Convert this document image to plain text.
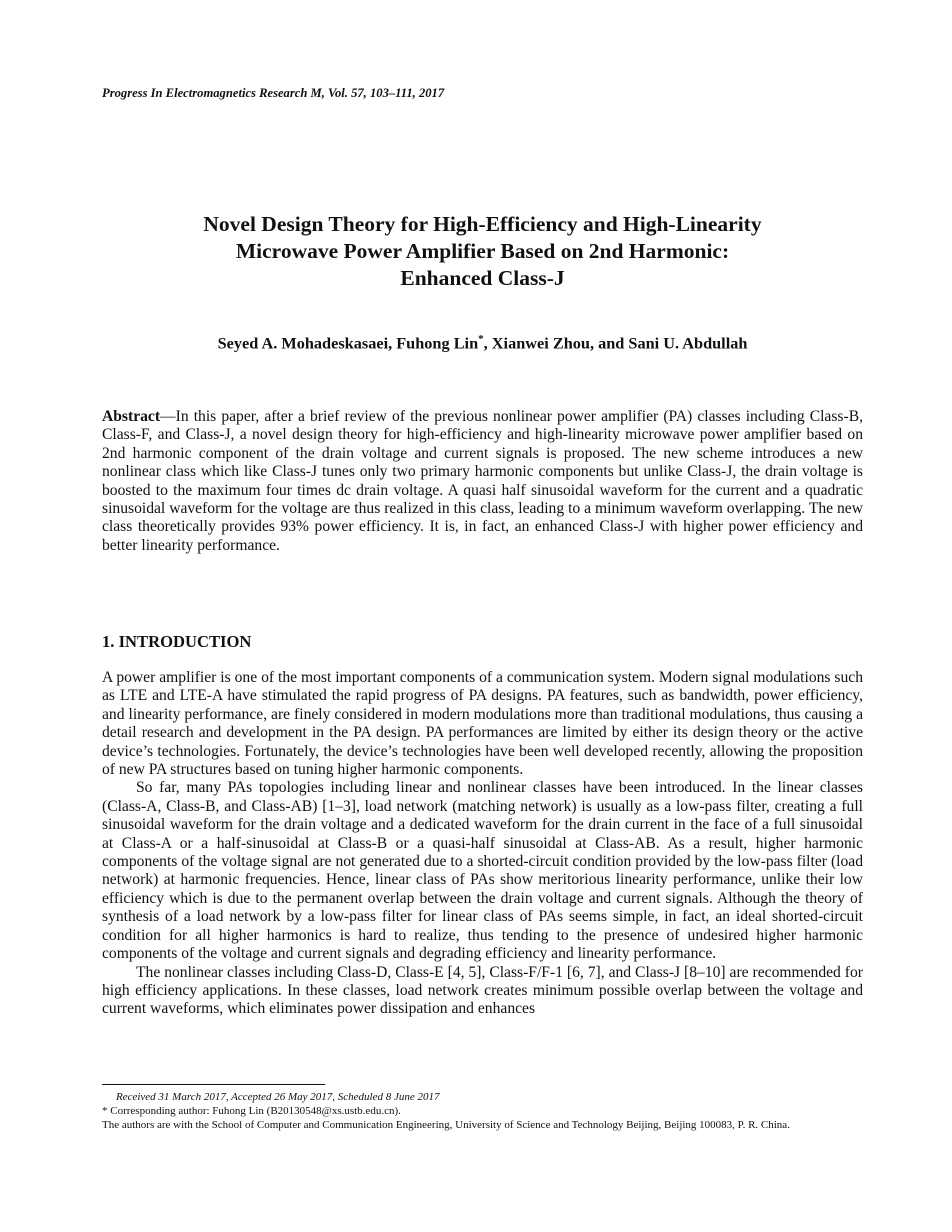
Progress In Electromagnetics Research M, Vol. 57, 103–111, 2017
Novel Design Theory for High-Efficiency and High-Linearity
Microwave Power Amplifier Based on 2nd Harmonic:
Enhanced Class-J
Seyed A. Mohadeskasaei, Fuhong Lin*, Xianwei Zhou, and Sani U. Abdullah
Abstract—In this paper, after a brief review of the previous nonlinear power amplifier (PA) classes including Class-B, Class-F, and Class-J, a novel design theory for high-efficiency and high-linearity microwave power amplifier based on 2nd harmonic component of the drain voltage and current signals is proposed. The new scheme introduces a new nonlinear class which like Class-J tunes only two primary harmonic components but unlike Class-J, the drain voltage is boosted to the maximum four times dc drain voltage. A quasi half sinusoidal waveform for the current and a quadratic sinusoidal waveform for the voltage are thus realized in this class, leading to a minimum waveform overlapping. The new class theoretically provides 93% power efficiency. It is, in fact, an enhanced Class-J with higher power efficiency and better linearity performance.
1. INTRODUCTION

A power amplifier is one of the most important components of a communication system. Modern signal modulations such as LTE and LTE-A have stimulated the rapid progress of PA designs. PA features, such as bandwidth, power efficiency, and linearity performance, are finely considered in modern modulations more than traditional modulations, thus causing a detail research and development in the PA design. PA performances are limited by either its design theory or the active device’s technologies. Fortunately, the device’s technologies have been well developed recently, allowing the proposition of new PA structures based on tuning higher harmonic components.

So far, many PAs topologies including linear and nonlinear classes have been introduced. In the linear classes (Class-A, Class-B, and Class-AB) [1–3], load network (matching network) is usually as a low-pass filter, creating a full sinusoidal waveform for the drain voltage and a dedicated waveform for the drain current in the face of a full sinusoidal at Class-A or a half-sinusoidal at Class-B or a quasi-half sinusoidal at Class-AB. As a result, higher harmonic components of the voltage signal are not generated due to a shorted-circuit condition provided by the low-pass filter (load network) at harmonic frequencies. Hence, linear class of PAs show meritorious linearity performance, unlike their low efficiency which is due to the permanent overlap between the drain voltage and current signals. Although the theory of synthesis of a load network by a low-pass filter for linear class of PAs seems simple, in fact, an ideal shorted-circuit condition for all higher harmonics is hard to realize, thus tending to the presence of undesired higher harmonic components of the voltage and current signals and degrading efficiency and linearity performance.

The nonlinear classes including Class-D, Class-E [4, 5], Class-F/F-1 [6, 7], and Class-J [8–10] are recommended for high efficiency applications. In these classes, load network creates minimum possible overlap between the voltage and current waveforms, which eliminates power dissipation and enhances

Received 31 March 2017, Accepted 26 May 2017, Scheduled 8 June 2017
* Corresponding author: Fuhong Lin (B20130548@xs.ustb.edu.cn).
The authors are with the School of Computer and Communication Engineering, University of Science and Technology Beijing, Beijing 100083, P. R. China.
